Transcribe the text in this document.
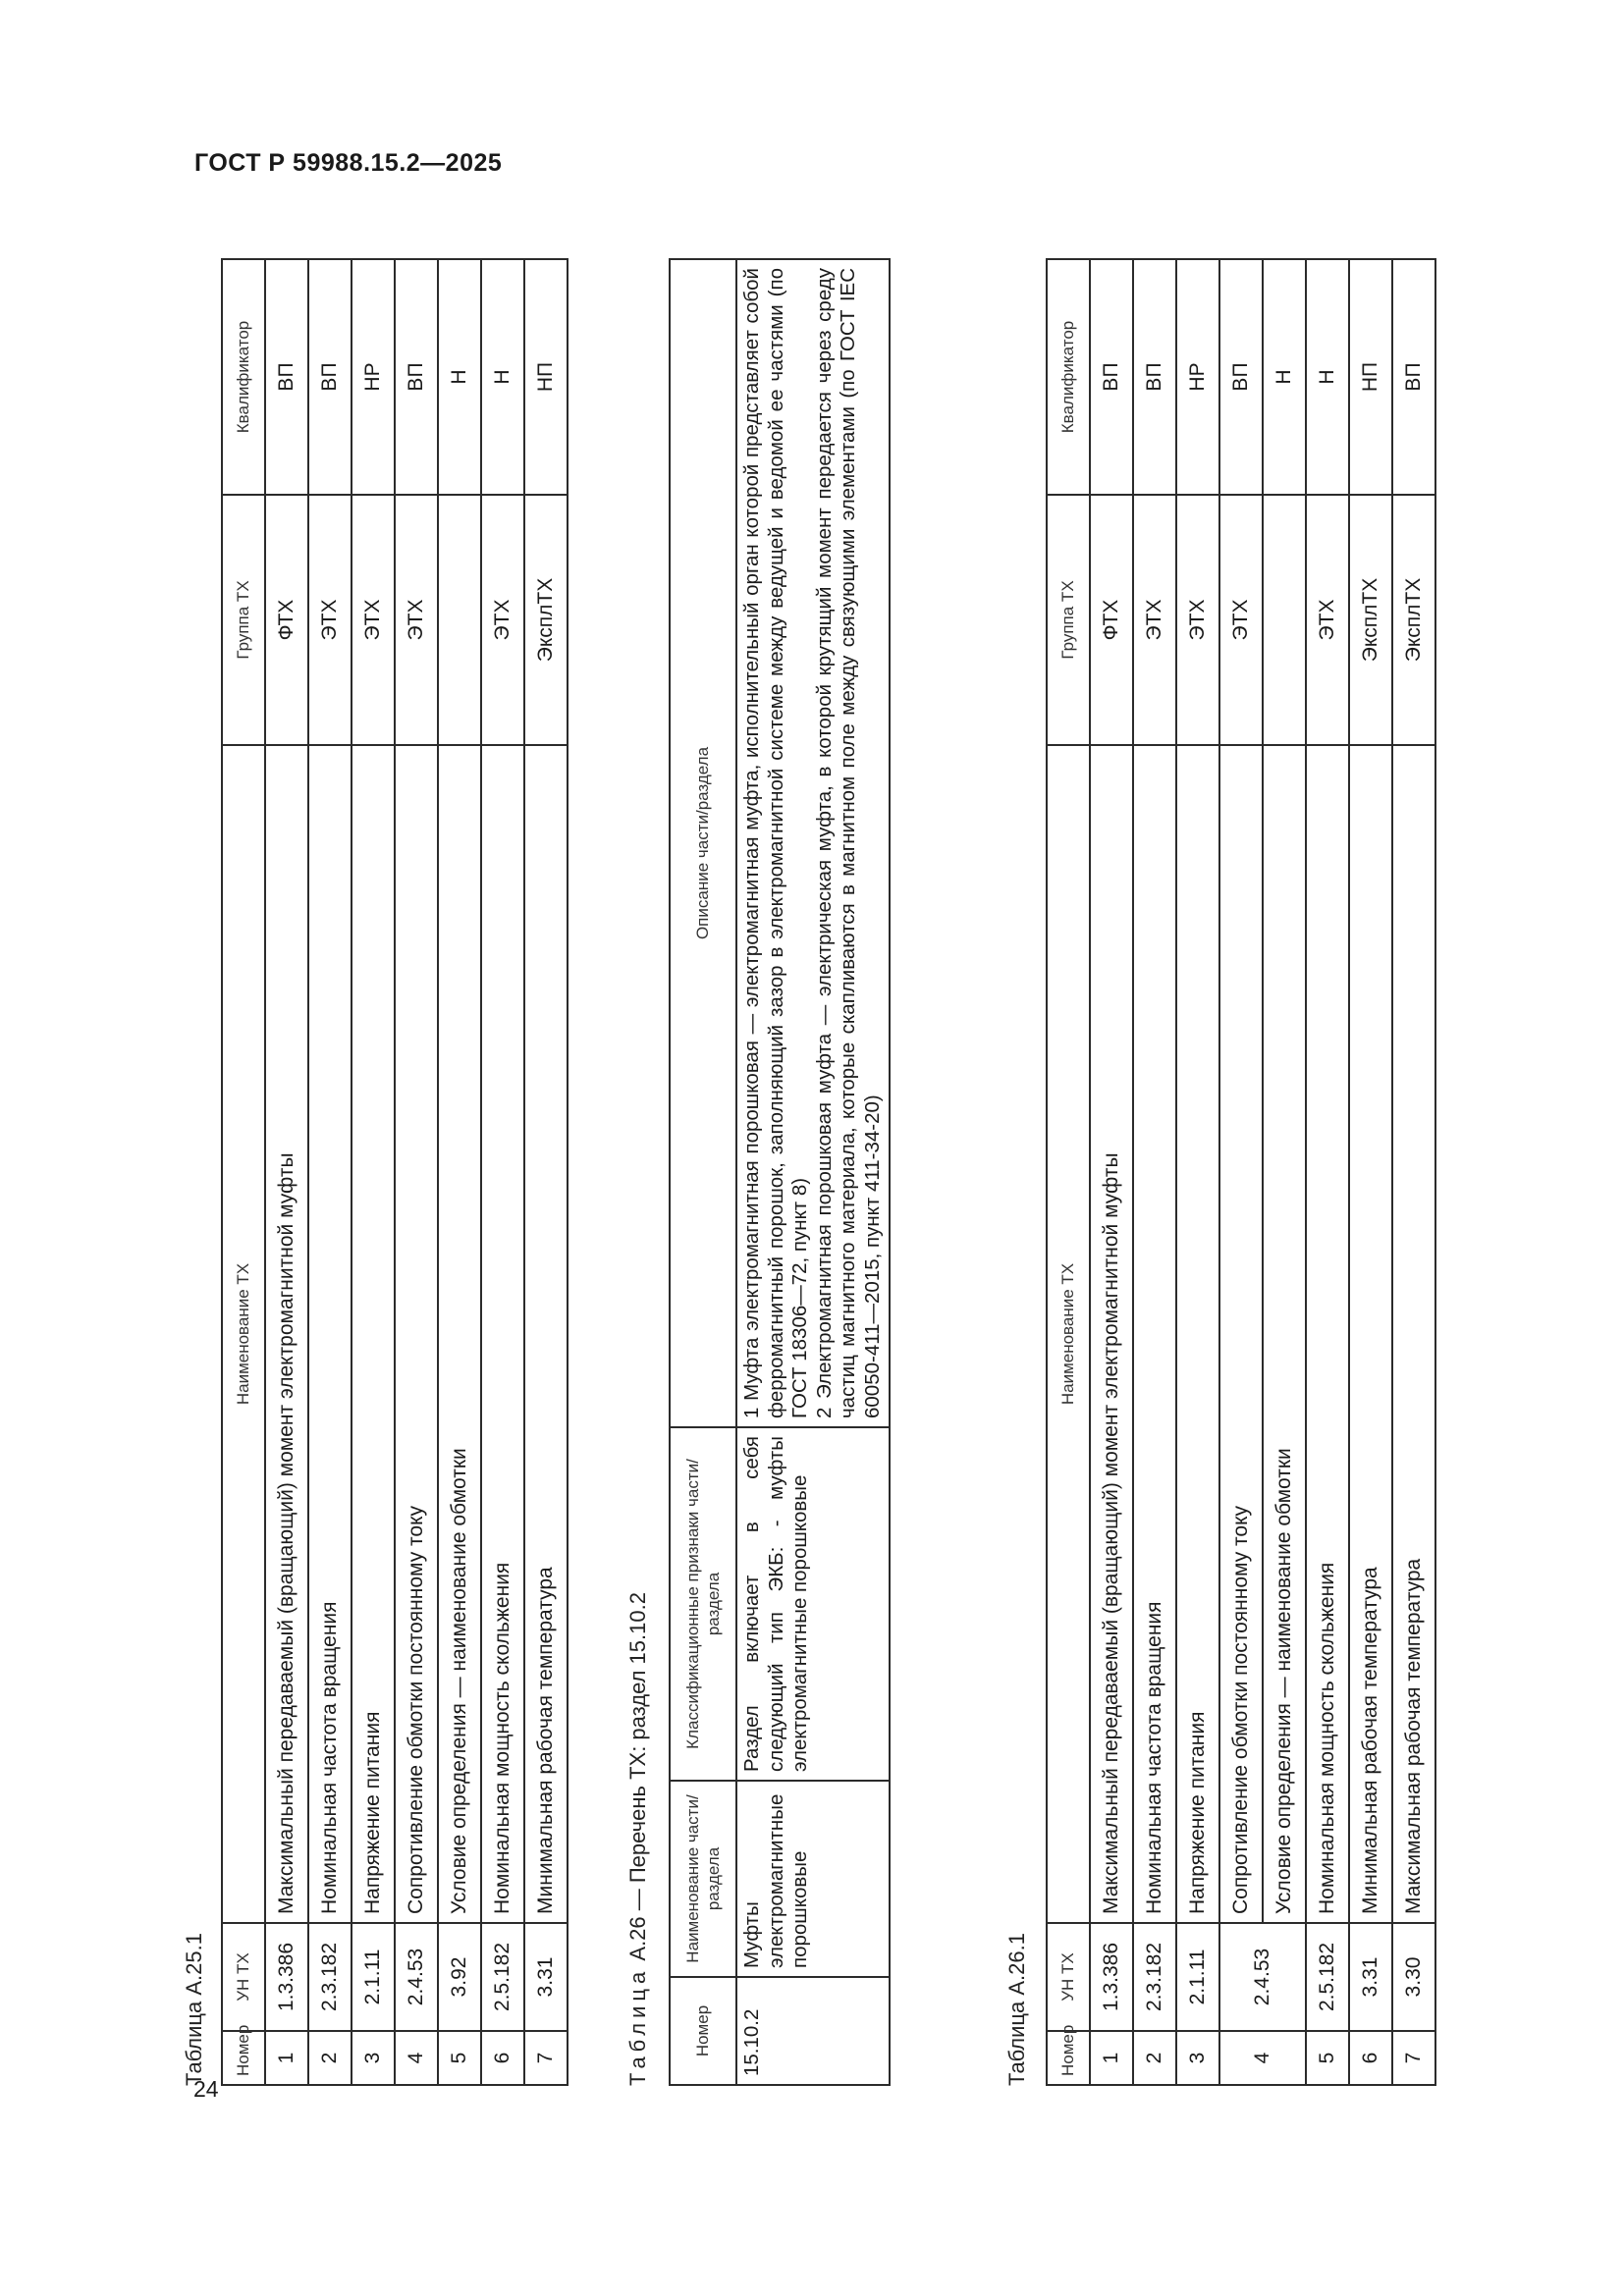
ГОСТ Р 59988.15.2—2025
24
Таблица А.25.1 Номер	УН ТХ	Наименование ТХ	Группа ТХ	Квалификатор
1	1.3.386	Максимальный передаваемый (вращающий) момент электромагнитной муфты	ФТХ	ВП
2	2.3.182	Номинальная частота вращения	ЭТХ	ВП
3	2.1.11	Напряжение питания	ЭТХ	НР
4	2.4.53	Сопротивление обмотки постоянному току	ЭТХ	ВП
5	3.92	Условие определения — наименование обмотки		Н
6	2.5.182	Номинальная мощность скольжения	ЭТХ	Н
7	3.31	Минимальная рабочая температура	ЭксплТХ	НП
Таблица А.26 — Перечень ТХ: раздел 15.10.2
Номер	Наименование части/ раздела	Классификационные признаки части/ раздела	Описание части/раздела
15.10.2	Муфты электромагнитные порошковые	Раздел включает в себя следующий тип ЭКБ: - муфты электромагнитные порошковые	1 Муфта электромагнитная порошковая — электромагнитная муфта, исполнительный орган которой представляет собой ферромагнитный порошок, заполняющий зазор в электромагнитной системе между ведущей и ведомой ее частями (по ГОСТ 18306—72, пункт 8) 2 Электромагнитная порошковая муфта — электрическая муфта, в которой крутящий момент передается через среду частиц магнитного материала, которые скапливаются в магнитном поле между связующими элементами (по ГОСТ IEC 60050-411—2015, пункт 411-34-20)
Таблица А.26.1 Номер	УН ТХ	Наименование ТХ	Группа ТХ	Квалификатор
1	1.3.386	Максимальный передаваемый (вращающий) момент электромагнитной муфты	ФТХ	ВП
2	2.3.182	Номинальная частота вращения	ЭТХ	ВП
3	2.1.11	Напряжение питания	ЭТХ	НР
4	2.4.53	Сопротивление обмотки постоянному току	ЭТХ	ВП
		Условие определения — наименование обмотки		Н
5	2.5.182	Номинальная мощность скольжения	ЭТХ	Н
6	3.31	Минимальная рабочая температура	ЭксплТХ	НП
7	3.30	Максимальная рабочая температура	ЭксплТХ	ВП
